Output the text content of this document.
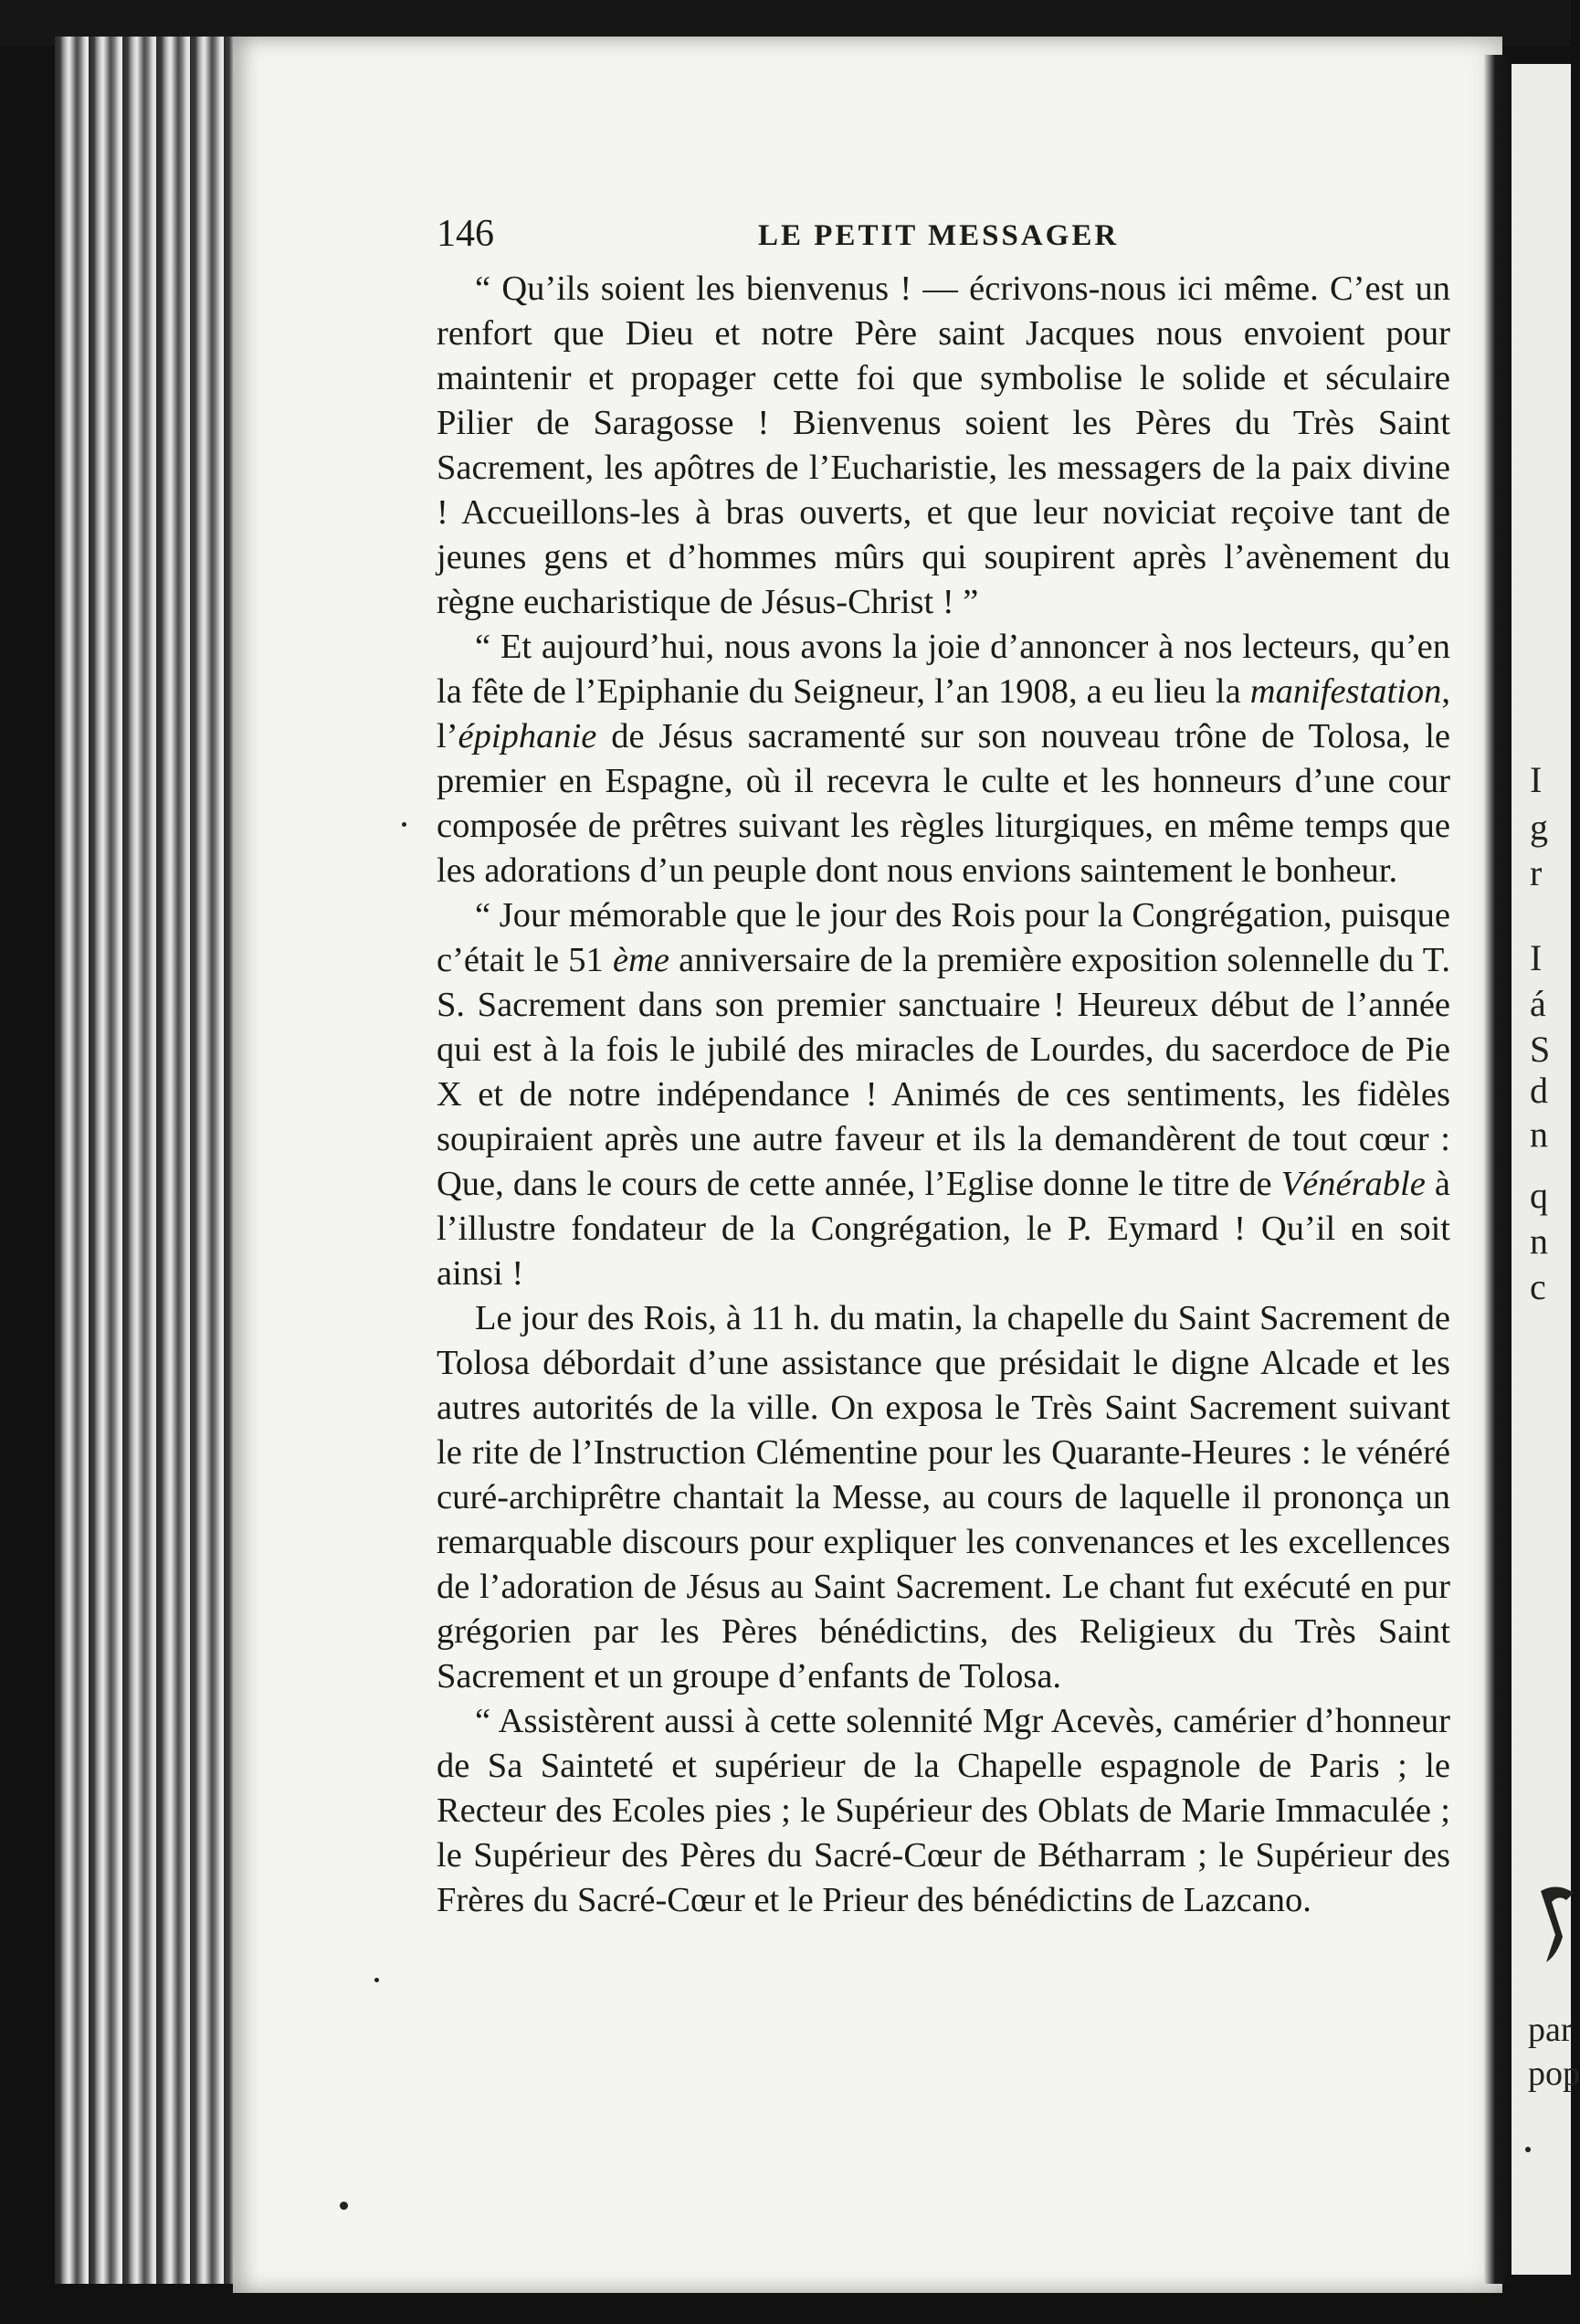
I
g
r
I
á
S
d
n
q
n
c
par
pop
146	LE PETIT MESSAGER

“ Qu’ils soient les bienvenus ! — écrivons-nous ici même. C’est un renfort que Dieu et notre Père saint Jacques nous envoient pour maintenir et propager cette foi que symbolise le solide et séculaire Pilier de Saragosse ! Bienvenus soient les Pères du Très Saint Sacrement, les apôtres de l’Eucharistie, les messagers de la paix divine ! Accueillons-les à bras ouverts, et que leur noviciat reçoive tant de jeunes gens et d’hommes mûrs qui soupirent après l’avènement du règne eucharistique de Jésus-Christ ! ”

“ Et aujourd’hui, nous avons la joie d’annoncer à nos lecteurs, qu’en la fête de l’Epiphanie du Seigneur, l’an 1908, a eu lieu la manifestation, l’épiphanie de Jésus sacramenté sur son nouveau trône de Tolosa, le premier en Espagne, où il recevra le culte et les honneurs d’une cour composée de prêtres suivant les règles liturgiques, en même temps que les adorations d’un peuple dont nous envions saintement le bonheur.

“ Jour mémorable que le jour des Rois pour la Congrégation, puisque c’était le 51 ème anniversaire de la première exposition solennelle du T. S. Sacrement dans son premier sanctuaire ! Heureux début de l’année qui est à la fois le jubilé des miracles de Lourdes, du sacerdoce de Pie X et de notre indépendance ! Animés de ces sentiments, les fidèles soupiraient après une autre faveur et ils la demandèrent de tout cœur : Que, dans le cours de cette année, l’Eglise donne le titre de Vénérable à l’illustre fondateur de la Congrégation, le P. Eymard ! Qu’il en soit ainsi !

Le jour des Rois, à 11 h. du matin, la chapelle du Saint Sacrement de Tolosa débordait d’une assistance que présidait le digne Alcade et les autres autorités de la ville. On exposa le Très Saint Sacrement suivant le rite de l’Instruction Clémentine pour les Quarante-Heures : le vénéré curé-archiprêtre chantait la Messe, au cours de laquelle il prononça un remarquable discours pour expliquer les convenances et les excellences de l’adoration de Jésus au Saint Sacrement. Le chant fut exécuté en pur grégorien par les Pères bénédictins, des Religieux du Très Saint Sacrement et un groupe d’enfants de Tolosa.

“ Assistèrent aussi à cette solennité Mgr Acevès, camérier d’honneur de Sa Sainteté et supérieur de la Chapelle espagnole de Paris ; le Recteur des Ecoles pies ; le Supérieur des Oblats de Marie Immaculée ; le Supérieur des Pères du Sacré-Cœur de Bétharram ; le Supérieur des Frères du Sacré-Cœur et le Prieur des bénédictins de Lazcano.
